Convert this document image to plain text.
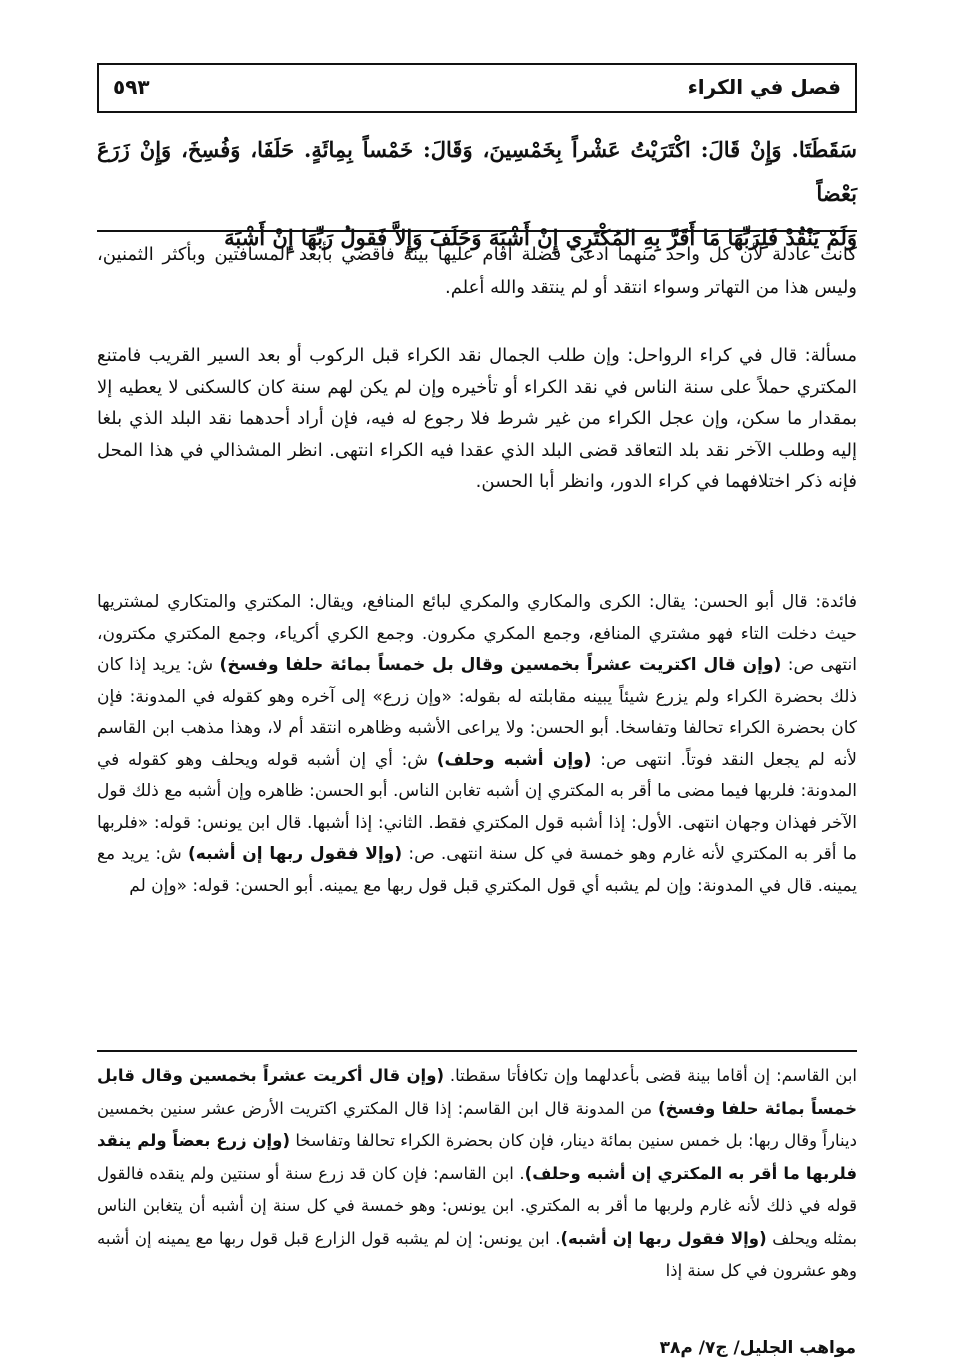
فصل في الكراء
٥٩٣

سَقَطَتَا. وَإِنْ قَالَ: اكْتَرَيْتُ عَشْراً بِخَمْسِينَ، وَقَالَ: خَمْساً بِمِائَةٍ. حَلَفَا، وَفُسِخَ، وَإِنْ زَرَعَ بَعْضاً

وَلَمْ يَنْقُدْ فَلِرَبِّهَا مَا أَقَرَّ بِهِ المُكْتَرِي إِنْ أَشْبَهَ وَحَلَفَ وَإِلاَّ فَقولُ رَبِّهَا إِنْ أَشْبَهَ

كانت عادلة لأن كل واحد منهما ادعى فضلة أقام عليها بينة فأقضي بأبعد المسافتين وبأكثر الثمنين، وليس هذا من التهاتر وسواء انتقد أو لم ينتقد والله أعلم.

مسألة: قال في كراء الرواحل: وإن طلب الجمال نقد الكراء قبل الركوب أو بعد السير القريب فامتنع المكتري حملاً على سنة الناس في نقد الكراء أو تأخيره وإن لم يكن لهم سنة كان كالسكنى لا يعطيه إلا بمقدار ما سكن، وإن عجل الكراء من غير شرط فلا رجوع له فيه، فإن أراد أحدهما نقد البلد الذي بلغا إليه وطلب الآخر نقد بلد التعاقد قضى البلد الذي عقدا فيه الكراء انتهى. انظر المشذالي في هذا المحل فإنه ذكر اختلافهما في كراء الدور، وانظر أبا الحسن.

فائدة: قال أبو الحسن: يقال: الكرى والمكاري والمكري لبائع المنافع، ويقال: المكتري والمتكاري لمشتريها حيث دخلت التاء فهو مشتري المنافع، وجمع المكري مكرون. وجمع الكري أكرياء، وجمع المكتري مكترون، انتهى ص: (وإن قال اكتريت عشراً بخمسين وقال بل خمساً بمائة حلفا وفسخ) ش: يريد إذا كان ذلك بحضرة الكراء ولم يزرع شيئاً يبينه مقابلته له بقوله: «وإن زرع» إلى آخره وهو كقوله في المدونة: فإن كان بحضرة الكراء تحالفا وتفاسخا. أبو الحسن: ولا يراعى الأشبه وظاهره انتقد أم لا، وهذا مذهب ابن القاسم لأنه لم يجعل النقد فوتاً. انتهى ص: (وإن أشبه وحلف) ش: أي إن أشبه قوله ويحلف وهو كقوله في المدونة: فلربها فيما مضى ما أقر به المكتري إن أشبه تغابن الناس. أبو الحسن: ظاهره وإن أشبه مع ذلك قول الآخر فهذان وجهان انتهى. الأول: إذا أشبه قول المكتري فقط. الثاني: إذا أشبها. قال ابن يونس: قوله: «فلربها ما أقر به المكتري لأنه غارم وهو خمسة في كل سنة انتهى. ص: (وإلا فقول ربها إن أشبه) ش: يريد مع يمينه. قال في المدونة: وإن لم يشبه أي قول المكتري قبل قول ربها مع يمينه. أبو الحسن: قوله: «وإن لم

ابن القاسم: إن أقاما بينة قضى بأعدلهما وإن تكافأتا سقطتا. (وإن قال أكريت عشراً بخمسين وقال قابل خمساً بمائة حلفا وفسخ) من المدونة قال ابن القاسم: إذا قال المكتري اكتريت الأرض عشر سنين بخمسين ديناراً وقال ربها: بل خمس سنين بمائة دينار، فإن كان بحضرة الكراء تحالفا وتفاسخا (وإن زرع بعضاً ولم ينقد فلربها ما أقر به المكتري إن أشبه وحلف). ابن القاسم: فإن كان قد زرع سنة أو سنتين ولم ينقده فالقول قوله في ذلك لأنه غارم ولربها ما أقر به المكتري. ابن يونس: وهو خمسة في كل سنة إن أشبه أن يتغابن الناس بمثله ويحلف (وإلا فقول ربها إن أشبه). ابن يونس: إن لم يشبه قول الزارع قبل قول ربها مع يمينه إن أشبه وهو عشرون في كل سنة إذا

مواهب الجليل/ ج٧/ م٣٨
